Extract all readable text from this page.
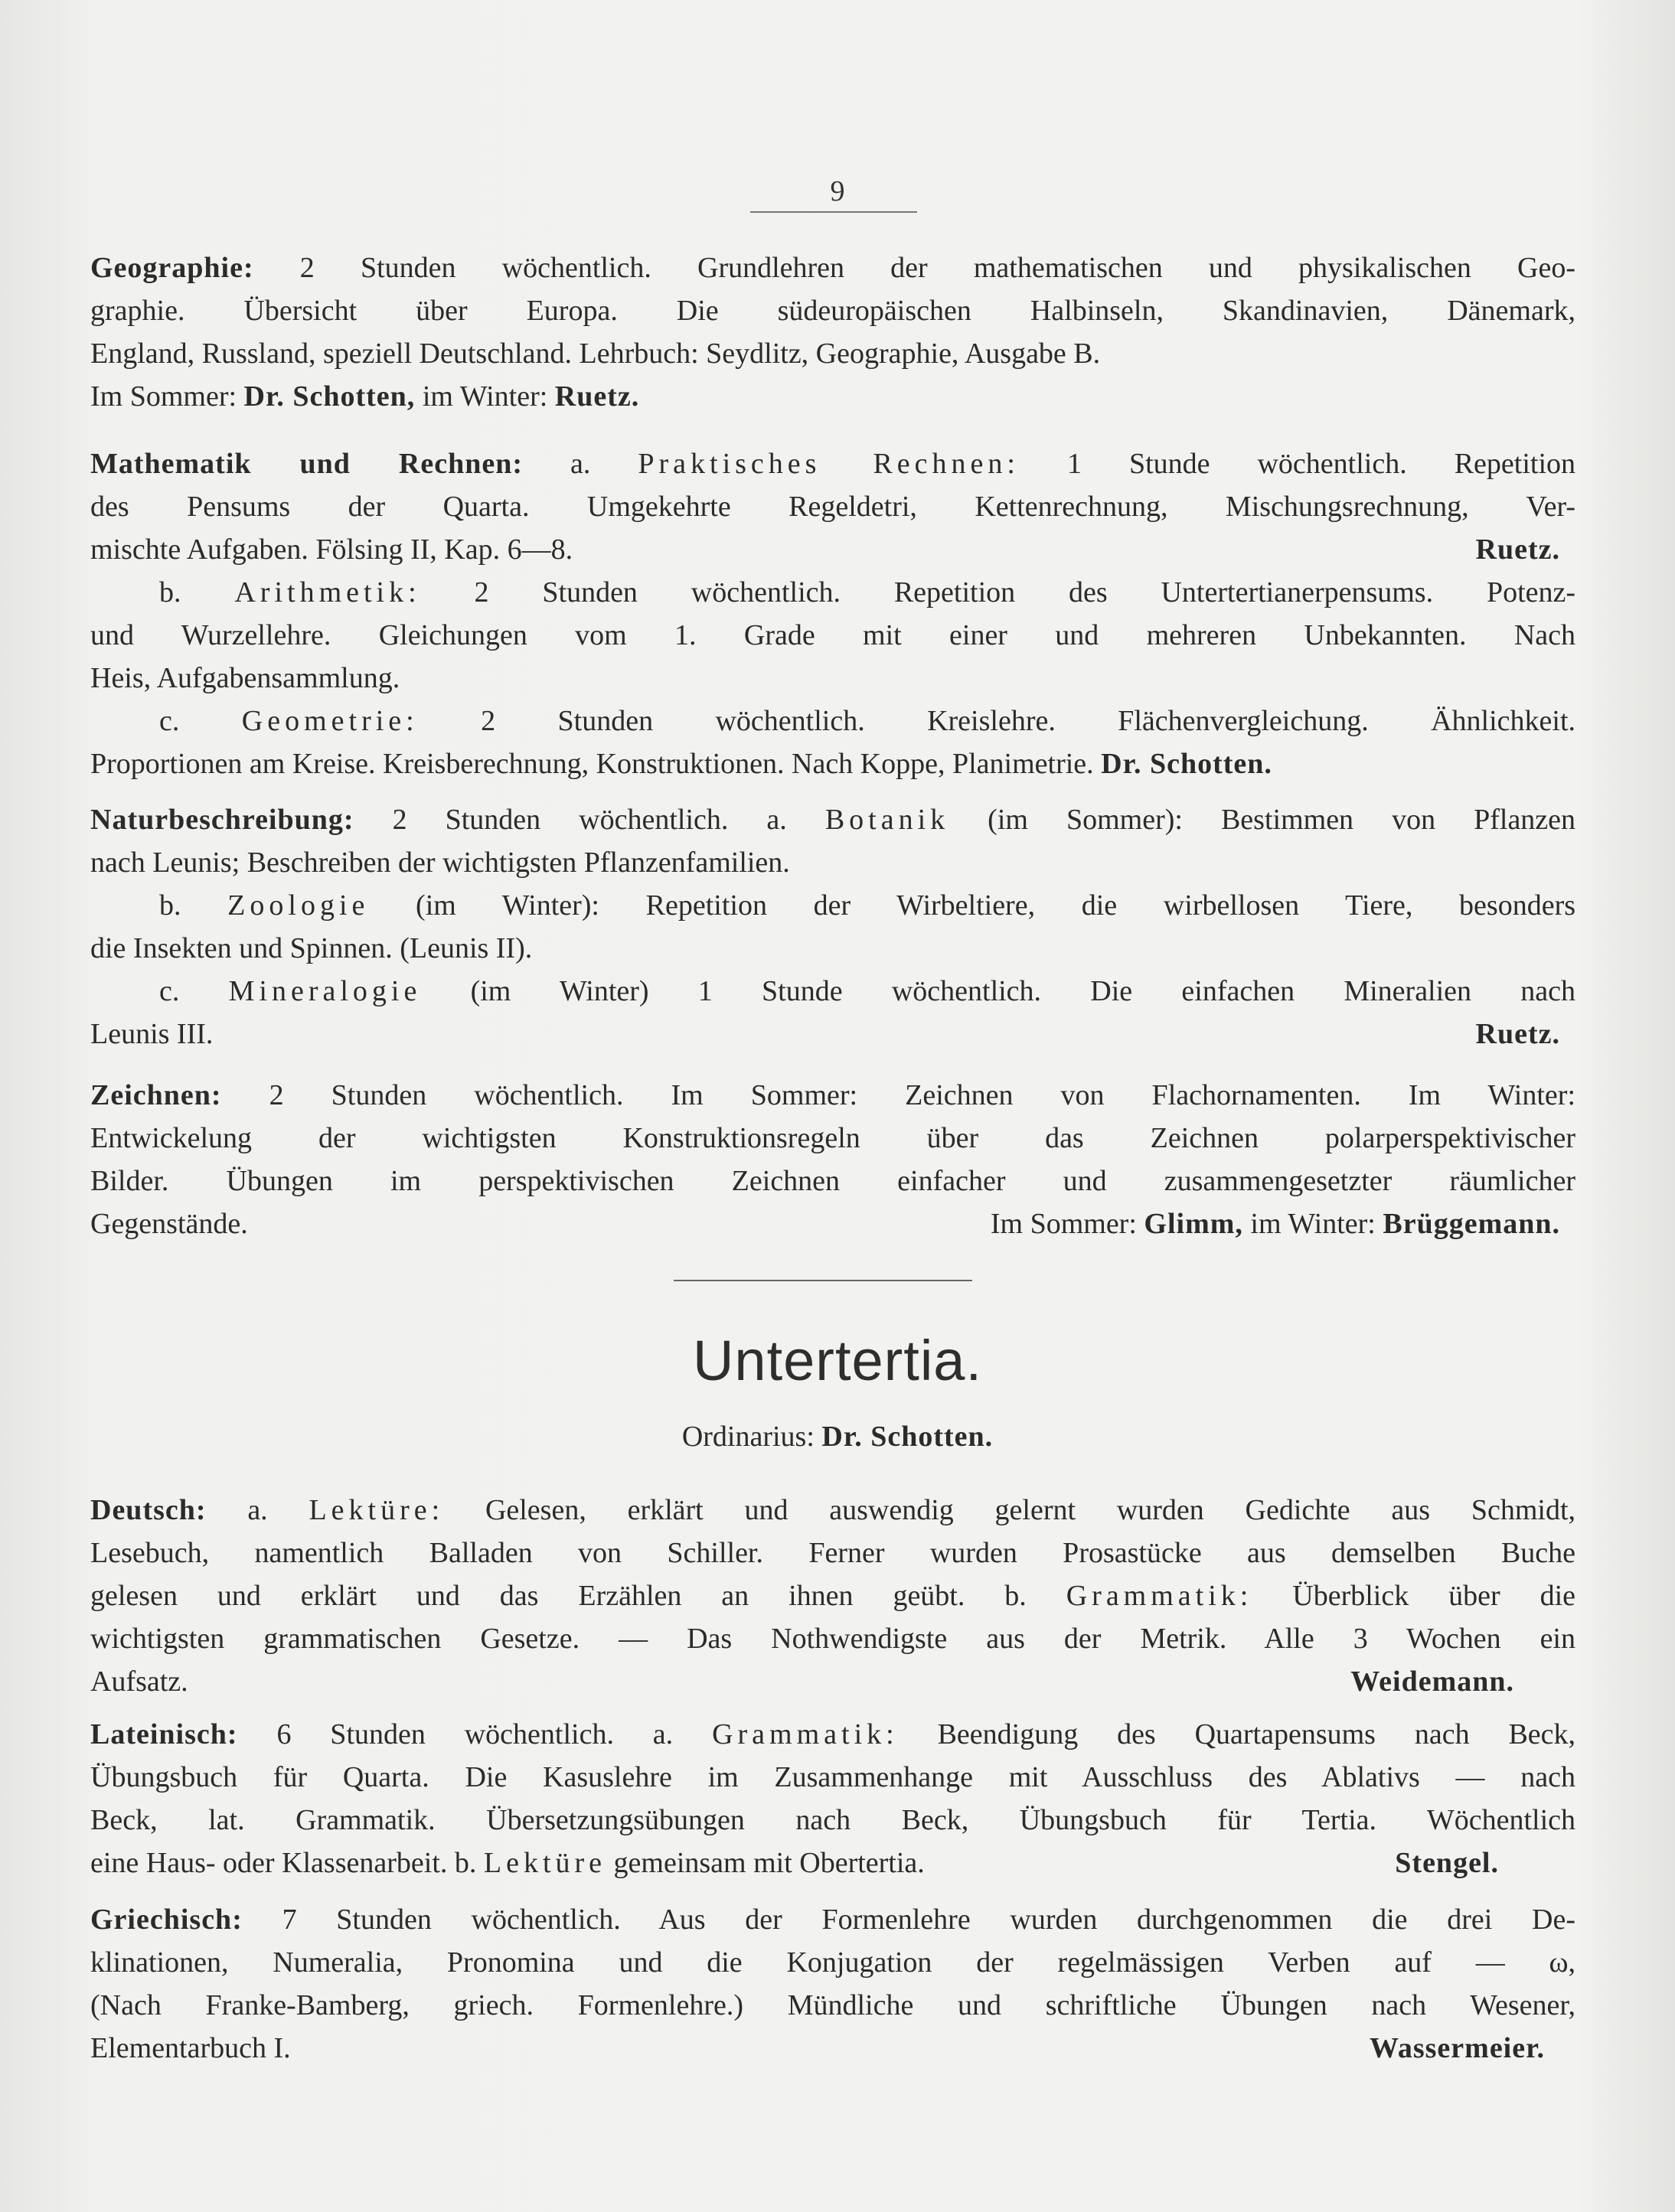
9
Geographie: 2 Stunden wöchentlich. Grundlehren der mathematischen und physikalischen Geo-
graphie. Übersicht über Europa. Die südeuropäischen Halbinseln, Skandinavien, Dänemark,
England, Russland, speziell Deutschland. Lehrbuch: Seydlitz, Geographie, Ausgabe B.
Im Sommer: Dr. Schotten, im Winter: Ruetz.
Mathematik und Rechnen: a. Praktisches Rechnen: 1 Stunde wöchentlich. Repetition
des Pensums der Quarta. Umgekehrte Regeldetri, Kettenrechnung, Mischungsrechnung, Ver-
mischte Aufgaben. Fölsing II, Kap. 6—8.	Ruetz.
b. Arithmetik: 2 Stunden wöchentlich. Repetition des Untertertianerpensums. Potenz-
und Wurzellehre. Gleichungen vom 1. Grade mit einer und mehreren Unbekannten. Nach
Heis, Aufgabensammlung.
c. Geometrie: 2 Stunden wöchentlich. Kreislehre. Flächenvergleichung. Ähnlichkeit.
Proportionen am Kreise. Kreisberechnung, Konstruktionen. Nach Koppe, Planimetrie. Dr. Schotten.
Naturbeschreibung: 2 Stunden wöchentlich. a. Botanik (im Sommer): Bestimmen von Pflanzen
nach Leunis; Beschreiben der wichtigsten Pflanzenfamilien.
b. Zoologie (im Winter): Repetition der Wirbeltiere, die wirbellosen Tiere, besonders
die Insekten und Spinnen. (Leunis II).
c. Mineralogie (im Winter) 1 Stunde wöchentlich. Die einfachen Mineralien nach
Leunis III.	Ruetz.
Zeichnen: 2 Stunden wöchentlich. Im Sommer: Zeichnen von Flachornamenten. Im Winter:
Entwickelung der wichtigsten Konstruktionsregeln über das Zeichnen polarperspektivischer
Bilder. Übungen im perspektivischen Zeichnen einfacher und zusammengesetzter räumlicher
Gegenstände.	Im Sommer: Glimm, im Winter: Brüggemann.
Untertertia.
Ordinarius: Dr. Schotten.
Deutsch: a. Lektüre: Gelesen, erklärt und auswendig gelernt wurden Gedichte aus Schmidt,
Lesebuch, namentlich Balladen von Schiller. Ferner wurden Prosastücke aus demselben Buche
gelesen und erklärt und das Erzählen an ihnen geübt. b. Grammatik: Überblick über die
wichtigsten grammatischen Gesetze. — Das Nothwendigste aus der Metrik. Alle 3 Wochen ein
Aufsatz.	Weidemann.
Lateinisch: 6 Stunden wöchentlich. a. Grammatik: Beendigung des Quartapensums nach Beck,
Übungsbuch für Quarta. Die Kasuslehre im Zusammenhange mit Ausschluss des Ablativs — nach
Beck, lat. Grammatik. Übersetzungsübungen nach Beck, Übungsbuch für Tertia. Wöchentlich
eine Haus- oder Klassenarbeit. b. Lektüre gemeinsam mit Obertertia.	Stengel.
Griechisch: 7 Stunden wöchentlich. Aus der Formenlehre wurden durchgenommen die drei De-
klinationen, Numeralia, Pronomina und die Konjugation der regelmässigen Verben auf — ω,
(Nach Franke-Bamberg, griech. Formenlehre.) Mündliche und schriftliche Übungen nach Wesener,
Elementarbuch I.	Wassermeier.
